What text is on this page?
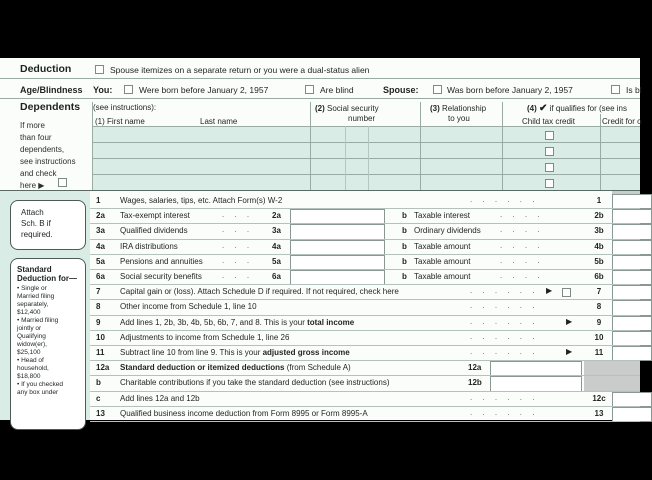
Deduction	Spouse itemizes on a separate return or you were a dual-status alien
Age/Blindness You:	Were born before January 2, 1957	Are blind	Spouse:	Was born before January 2, 1957	Is bl
Dependents (see instructions):
If more
than four
dependents,
see instructions
and check
here ▶
(1) First name	Last name
(2) Social security
number
(3) Relationship
to you
(4) ✔ if qualifies for (see ins
Child tax credit	Credit for o
Attach
Sch. B if
required.
Standard
Deduction for—
• Single or
Married filing
separately,
$12,400
• Married filing
jointly or
Qualifying
widow(er),
$25,100
• Head of
household,
$18,800
• If you checked
any box under
1 Wages, salaries, tips, etc. Attach Form(s) W-2	. . . . . .	1
2a Tax-exempt interest	. . . 2a	b Taxable interest	. . . .	2b
3a Qualified dividends	. . . 3a	b Ordinary dividends . . . .	3b
4a IRA distributions	. . . 4a	b Taxable amount	. . . .	4b
5a Pensions and annuities . . . 5a	b Taxable amount	. . . .	5b
6a Social security benefits	. . . 6a	b Taxable amount	. . . .	6b
7 Capital gain or (loss). Attach Schedule D if required. If not required, check here	. . . . . . ▶	7
8 Other income from Schedule 1, line 10	. . . . . .	8
9 Add lines 1, 2b, 3b, 4b, 5b, 6b, 7, and 8. This is your total income	. . . . . .	▶	9
10 Adjustments to income from Schedule 1, line 26	. . . . . .	10
11 Subtract line 10 from line 9. This is your adjusted gross income	. . . . . .	▶	11
12a Standard deduction or itemized deductions (from Schedule A)	12a
b Charitable contributions if you take the standard deduction (see instructions)	12b
c Add lines 12a and 12b	. . . . . .	12c
13 Qualified business income deduction from Form 8995 or Form 8995-A	. . . . . .	13
